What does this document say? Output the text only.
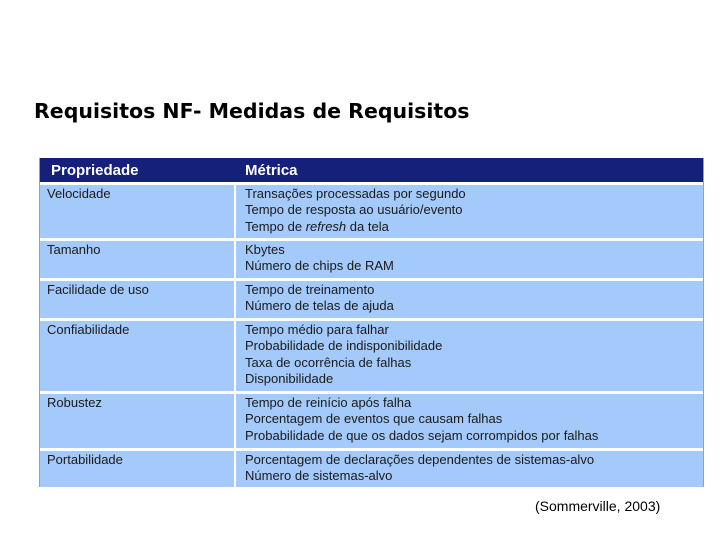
Requisitos NF- Medidas de Requisitos
Propriedade	Métrica
Velocidade	Transações processadas por segundo
Tempo de resposta ao usuário/evento
Tempo de refresh da tela
Tamanho	Kbytes
Número de chips de RAM
Facilidade de uso	Tempo de treinamento
Número de telas de ajuda
Confiabilidade	Tempo médio para falhar
Probabilidade de indisponibilidade
Taxa de ocorrência de falhas
Disponibilidade
Robustez	Tempo de reinício após falha
Porcentagem de eventos que causam falhas
Probabilidade de que os dados sejam corrompidos por falhas
Portabilidade	Porcentagem de declarações dependentes de sistemas-alvo
Número de sistemas-alvo
(Sommerville, 2003)
